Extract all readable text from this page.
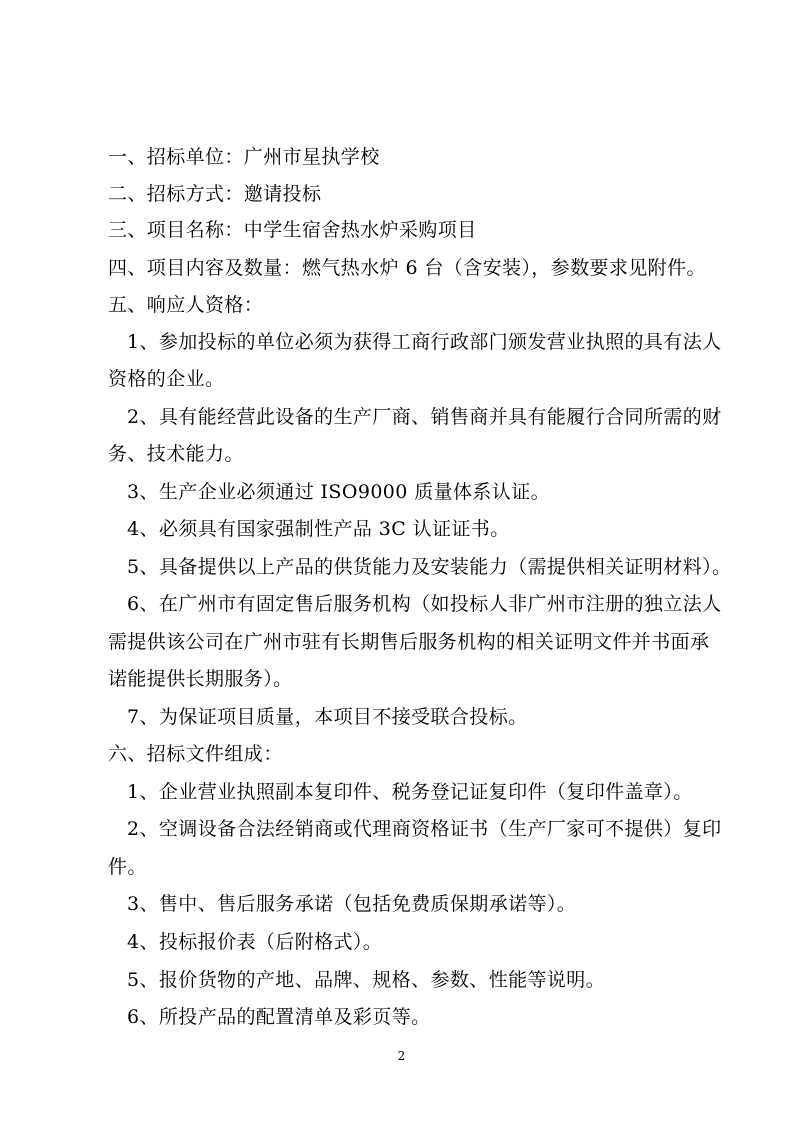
一、招标单位：广州市星执学校
二、招标方式：邀请投标
三、项目名称：中学生宿舍热水炉采购项目
四、项目内容及数量：燃气热水炉 6 台（含安装），参数要求见附件。
五、响应人资格：
1、参加投标的单位必须为获得工商行政部门颁发营业执照的具有法人
资格的企业。
2、具有能经营此设备的生产厂商、销售商并具有能履行合同所需的财
务、技术能力。
3、生产企业必须通过 ISO9000 质量体系认证。
4、必须具有国家强制性产品 3C 认证证书。
5、具备提供以上产品的供货能力及安装能力（需提供相关证明材料）。
6、在广州市有固定售后服务机构（如投标人非广州市注册的独立法人
需提供该公司在广州市驻有长期售后服务机构的相关证明文件并书面承
诺能提供长期服务）。
7、为保证项目质量，本项目不接受联合投标。
六、招标文件组成：
1、企业营业执照副本复印件、税务登记证复印件（复印件盖章）。
2、空调设备合法经销商或代理商资格证书（生产厂家可不提供）复印
件。
3、售中、售后服务承诺（包括免费质保期承诺等）。
4、投标报价表（后附格式）。
5、报价货物的产地、品牌、规格、参数、性能等说明。
6、所投产品的配置清单及彩页等。
2
